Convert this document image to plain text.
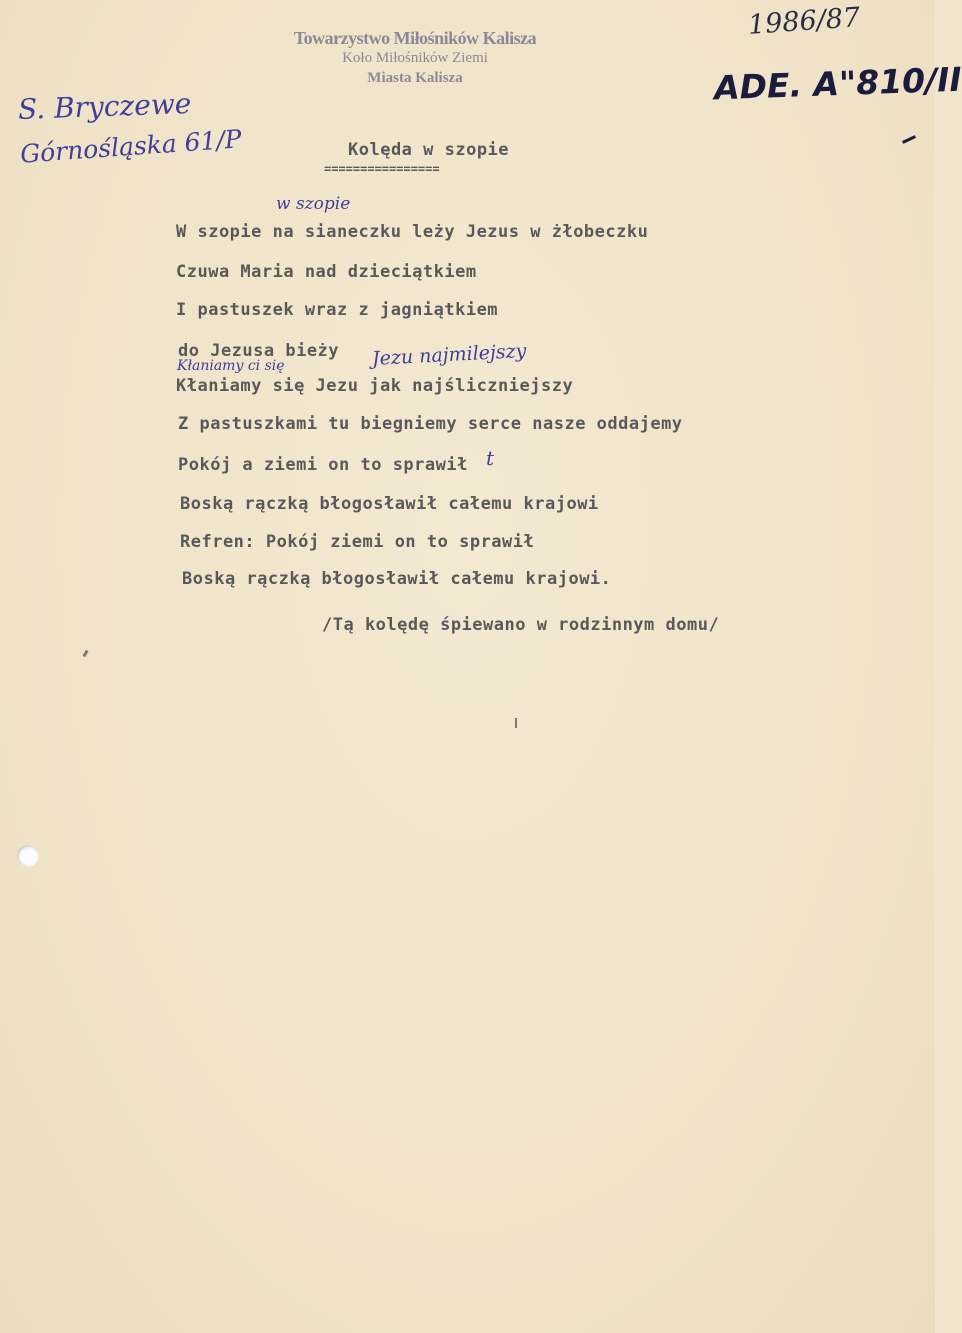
Towarzystwo Miłośników Kalisza
Koło Miłośników Ziemi
Miasta Kalisza
1986/87
ADE. A"810/II
S. Bryczewe
Górnośląska 61/P	Kolęda w szopie
================
w szopie
W szopie na sianeczku leży Jezus w żłobeczku
Czuwa Maria nad dzieciątkiem
I pastuszek wraz z jagniątkiem
do Jezusa bieży
Kłaniamy ci się	Jezu najmilejszy
Kłaniamy się Jezu jak najśliczniejszy
Z pastuszkami tu biegniemy serce nasze oddajemy
Pokój a ziemi on to sprawił t
Boską rączką błogosławił całemu krajowi
Refren: Pokój ziemi on to sprawił
Boską rączką błogosławił całemu krajowi.
/Tą kolędę śpiewano w rodzinnym domu/
